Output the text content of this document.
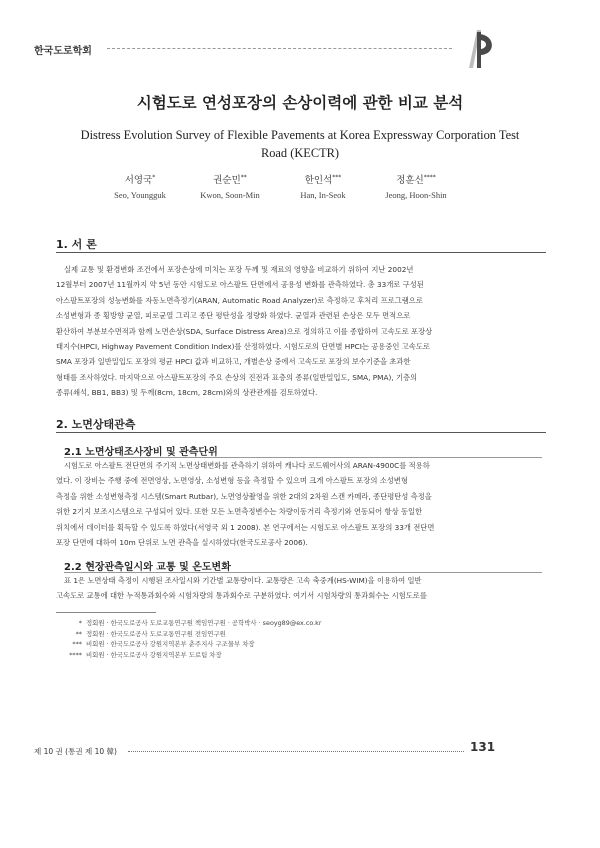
한국도로학회
시험도로 연성포장의 손상이력에 관한 비교 분석
Distress Evolution Survey of Flexible Pavements at Korea Expressway Corporation Test
Road (KECTR)
서영국*
Seo, Youngguk
권순민**
Kwon, Soon-Min
한인석***
Han, In-Seok
정훈신****
Jeong, Hoon-Shin
1. 서 론
실제 교통 및 환경변화 조건에서 포장손상에 미치는 포장 두께 및 재료의 영향을 비교하기 위하여 지난 2002년
12월부터 2007년 11월까지 약 5년 동안 시험도로 아스팔트 단면에서 공용성 변화를 관측하였다. 총 33개로 구성된
아스팔트포장의 성능변화를 자동노면측정기(ARAN, Automatic Road Analyzer)로 측정하고 후처리 프로그램으로
소성변형과 종 횡방향 균열, 피로균열 그리고 종단 평탄성을 정량화 하였다. 균열과 관련된 손상은 모두 면적으로
환산하여 부분보수면적과 함께 노면손상(SDA, Surface Distress Area)으로 정의하고 이를 종합하여 고속도로 포장상
태지수(HPCI, Highway Pavement Condition Index)를 산정하였다. 시험도로의 단면별 HPCI는 공용중인 고속도로
SMA 포장과 일반밀입도 포장의 평균 HPCI 값과 비교하고, 개별손상 중에서 고속도로 포장의 보수기준을 초과한
형태를 조사하였다. 마지막으로 아스팔트포장의 주요 손상의 진전과 표층의 종류(일반밀입도, SMA, PMA), 기층의
종류(쇄석, BB1, BB3) 및 두께(8cm, 18cm, 28cm)와의 상관관계를 검토하였다.
2. 노면상태관측
2.1 노면상태조사장비 및 관측단위
시험도로 아스팔트 전단면의 주기적 노면상태변화를 관측하기 위하여 캐나다 로드웨어사의 ARAN-4900C를 적용하
였다. 이 장비는 주행 중에 전면영상, 노면영상, 소성변형 등을 측정할 수 있으며 크게 아스팔트 포장의 소성변형
측정을 위한 소성변형측정 시스템(Smart Rutbar), 노면영상촬영을 위한 2대의 2차원 스캔 카메라, 종단평탄성 측정을
위한 2기지 보조시스템으로 구성되어 있다. 또한 모든 노면측정변수는 차량이동거리 측정기와 연동되어 항상 동일한
위치에서 데이터를 획득할 수 있도록 하였다(서영국 외 1 2008). 본 연구에서는 시험도로 아스팔트 포장의 33개 전단면
포장 단면에 대하여 10m 단위로 노면 관측을 실시하였다(한국도로공사 2006).
2.2 현장관측일시와 교통 및 온도변화
표 1은 노면상태 측정이 시행된 조사일시와 기간별 교통량이다. 교통량은 고속 축중계(HS-WIM)을 이용하여 일반
고속도로 교통에 대한 누적통과회수와 시험차량의 통과회수로 구분하였다. 여기서 시험차량의 통과회수는 시험도로를
* 정회원 · 한국도로공사 도로교통연구원 책임연구원 · 공학박사 · seoyg89@ex.co.kr
** 정회원 · 한국도로공사 도로교통연구원 전임연구원
*** 비회원 · 한국도로공사 강원지역본부 춘주지사 구조물부 차장
**** 비회원 · 한국도로공사 강원지역본부 도로팀 차장
제 10 권 (통권 제 10 韓)	131
